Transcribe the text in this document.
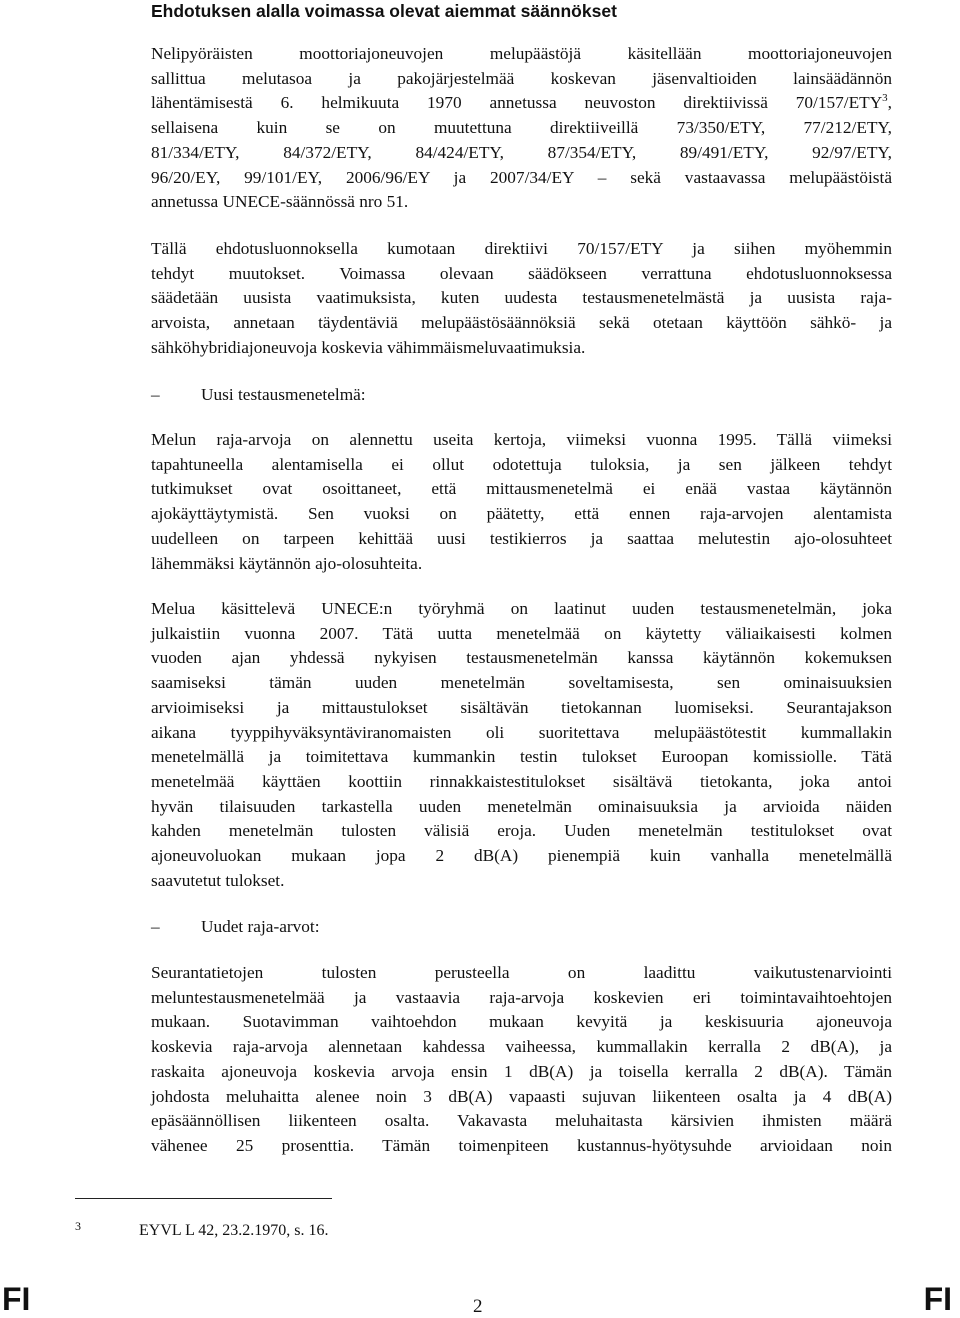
Ehdotuksen alalla voimassa olevat aiemmat säännökset
Nelipyöräisten moottoriajoneuvojen melupäästöjä käsitellään moottoriajoneuvojen
sallittua melutasoa ja pakojärjestelmää koskevan jäsenvaltioiden lainsäädännön
lähentämisestä 6. helmikuuta 1970 annetussa neuvoston direktiivissä 70/157/ETY$^3$,
sellaisena kuin se on muutettuna direktiiveillä 73/350/ETY, 77/212/ETY,
81/334/ETY, 84/372/ETY, 84/424/ETY, 87/354/ETY, 89/491/ETY, 92/97/ETY,
96/20/EY, 99/101/EY, 2006/96/EY ja 2007/34/EY – sekä vastaavassa melupäästöistä
annetussa UNECE-säännössä nro 51.
Tällä ehdotusluonnoksella kumotaan direktiivi 70/157/ETY ja siihen myöhemmin
tehdyt muutokset. Voimassa olevaan säädökseen verrattuna ehdotusluonnoksessa
säädetään uusista vaatimuksista, kuten uudesta testausmenetelmästä ja uusista raja-
arvoista, annetaan täydentäviä melupäästösäännöksiä sekä otetaan käyttöön sähkö- ja
sähköhybridiajoneuvoja koskevia vähimmäismeluvaatimuksia.
– Uusi testausmenetelmä:
Melun raja-arvoja on alennettu useita kertoja, viimeksi vuonna 1995. Tällä viimeksi
tapahtuneella alentamisella ei ollut odotettuja tuloksia, ja sen jälkeen tehdyt
tutkimukset ovat osoittaneet, että mittausmenetelmä ei enää vastaa käytännön
ajokäyttäytymistä. Sen vuoksi on päätetty, että ennen raja-arvojen alentamista
uudelleen on tarpeen kehittää uusi testikierros ja saattaa melutestin ajo-olosuhteet
lähemmäksi käytännön ajo-olosuhteita.
Melua käsittelevä UNECE:n työryhmä on laatinut uuden testausmenetelmän, joka
julkaistiin vuonna 2007. Tätä uutta menetelmää on käytetty väliaikaisesti kolmen
vuoden ajan yhdessä nykyisen testausmenetelmän kanssa käytännön kokemuksen
saamiseksi tämän uuden menetelmän soveltamisesta, sen ominaisuuksien
arvioimiseksi ja mittaustulokset sisältävän tietokannan luomiseksi. Seurantajakson
aikana tyyppihyväksyntäviranomaisten oli suoritettava melupäästötestit kummallakin
menetelmällä ja toimitettava kummankin testin tulokset Euroopan komissiolle. Tätä
menetelmää käyttäen koottiin rinnakkaistestitulokset sisältävä tietokanta, joka antoi
hyvän tilaisuuden tarkastella uuden menetelmän ominaisuuksia ja arvioida näiden
kahden menetelmän tulosten välisiä eroja. Uuden menetelmän testitulokset ovat
ajoneuvoluokan mukaan jopa 2 dB(A) pienempiä kuin vanhalla menetelmällä
saavutetut tulokset.
– Uudet raja-arvot:
Seurantatietojen tulosten perusteella on laadittu vaikutustenarviointi
meluntestausmenetelmää ja vastaavia raja-arvoja koskevien eri toimintavaihtoehtojen
mukaan. Suotavimman vaihtoehdon mukaan kevyitä ja keskisuuria ajoneuvoja
koskevia raja-arvoja alennetaan kahdessa vaiheessa, kummallakin kerralla 2 dB(A), ja
raskaita ajoneuvoja koskevia arvoja ensin 1 dB(A) ja toisella kerralla 2 dB(A). Tämän
johdosta meluhaitta alenee noin 3 dB(A) vapaasti sujuvan liikenteen osalta ja 4 dB(A)
epäsäännöllisen liikenteen osalta. Vakavasta meluhaitasta kärsivien ihmisten määrä
vähenee 25 prosenttia. Tämän toimenpiteen kustannus-hyötysuhde arvioidaan noin
3	EYVL L 42, 23.2.1970, s. 16.
FI	2	FI
